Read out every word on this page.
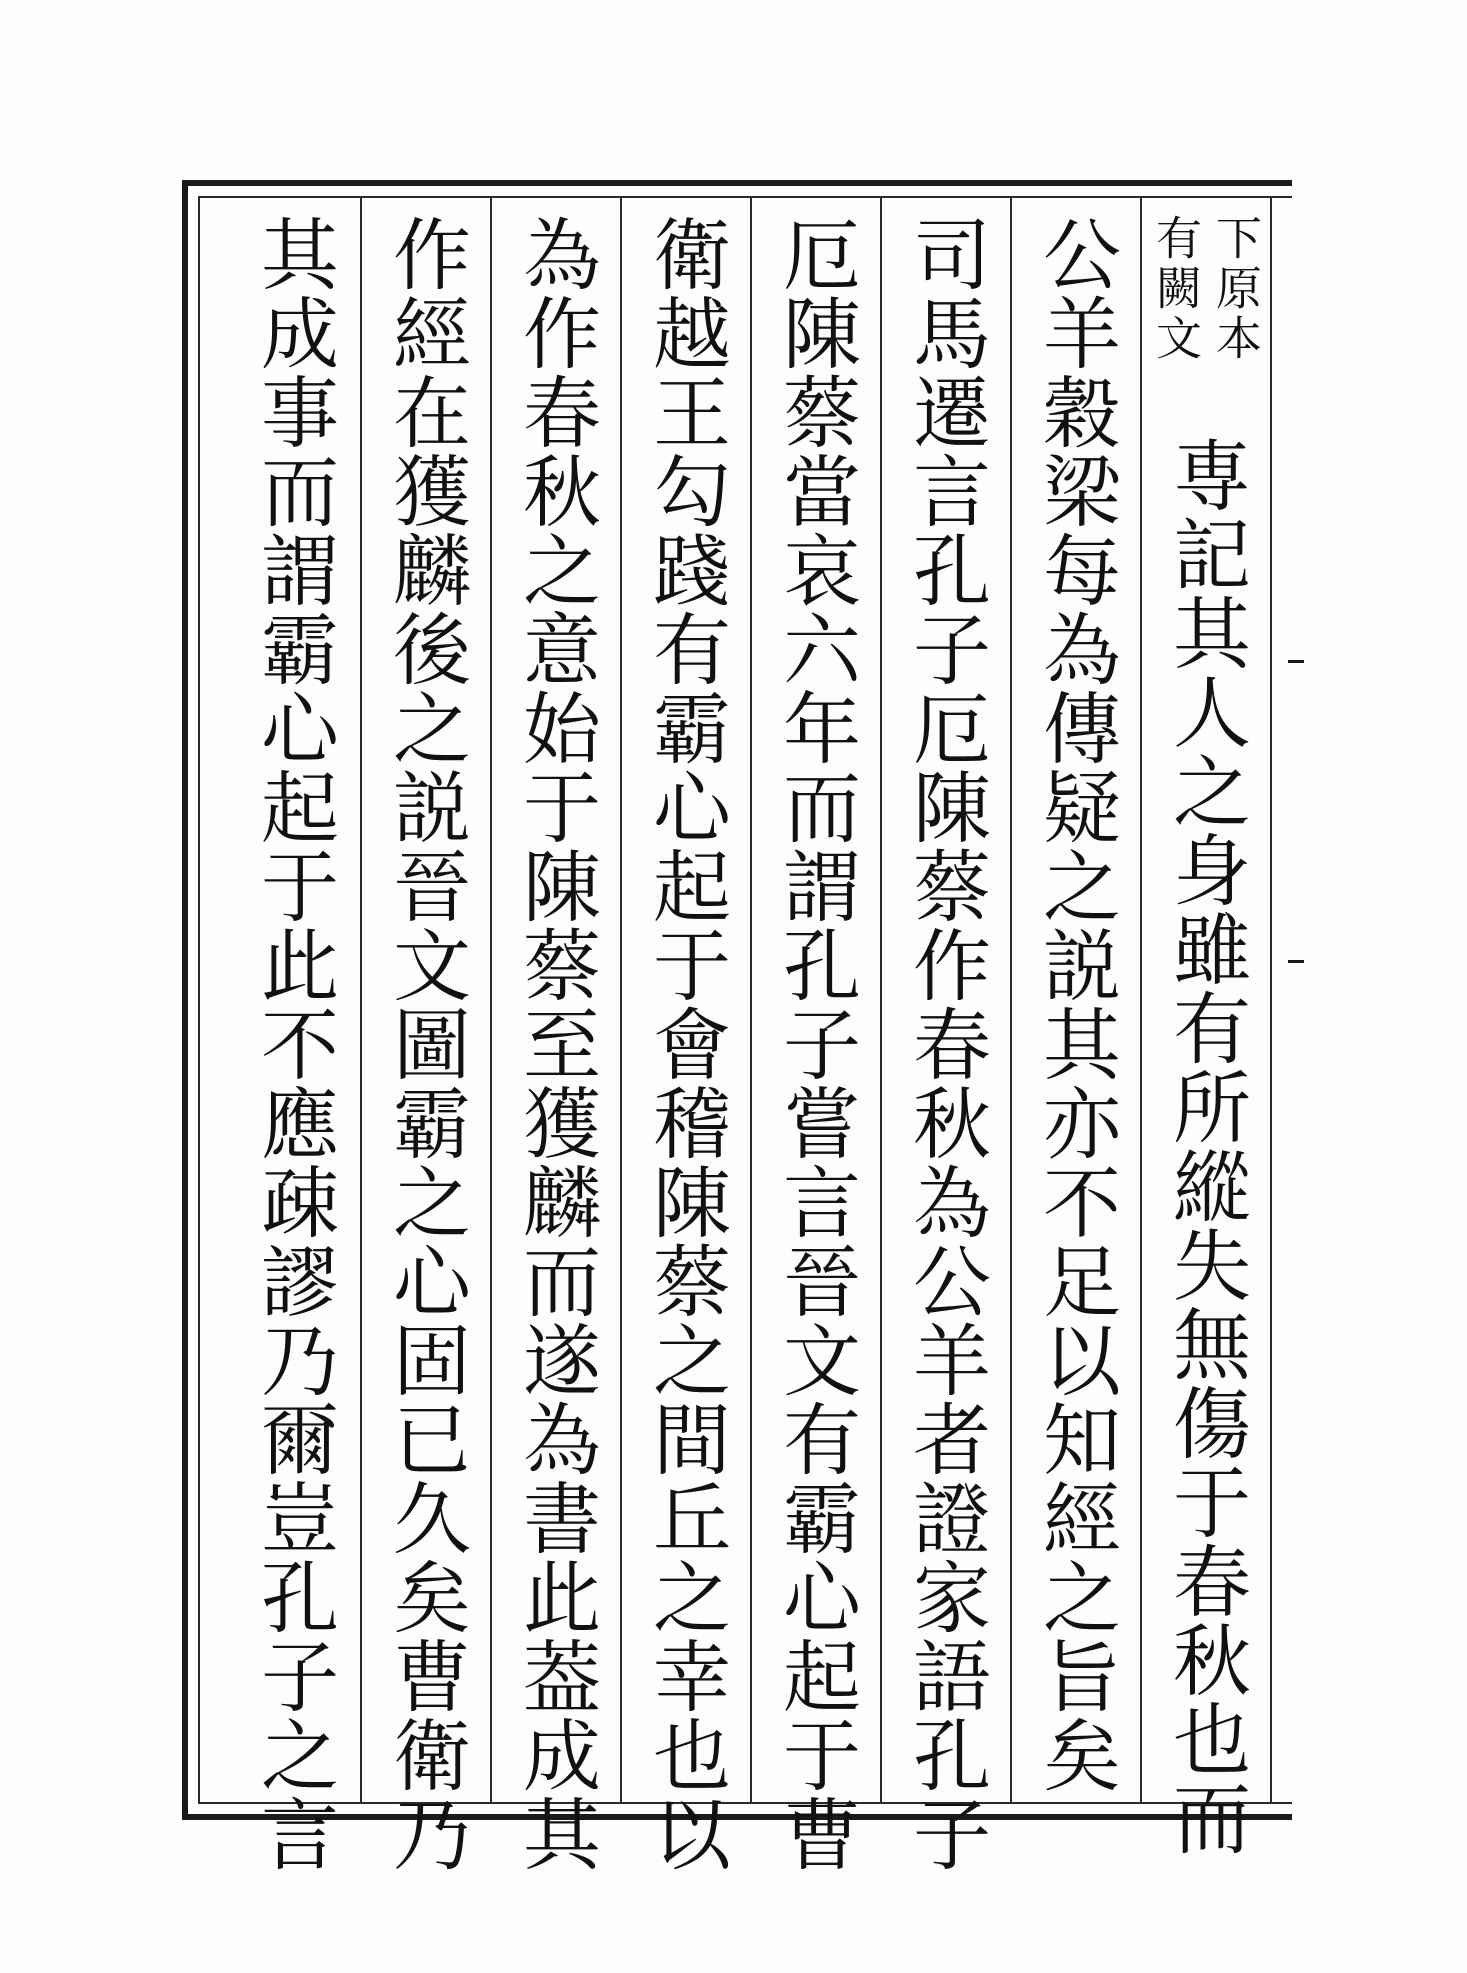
下原本
有闕文
専記其人之身雖有所縱失無傷于春秋也而
公羊穀梁每為傳疑之説其亦不足以知經之旨矣
司馬遷言孔子厄陳蔡作春秋為公羊者證家語孔子
厄陳蔡當哀六年而謂孔子嘗言晉文有霸心起于曹
衛越王勾踐有霸心起于會稽陳蔡之間丘之幸也以
為作春秋之意始于陳蔡至獲麟而遂為書此葢成其
作經在獲麟後之説晉文圖霸之心固已久矣曹衛乃
其成事而謂霸心起于此不應疎謬乃爾豈孔子之言
